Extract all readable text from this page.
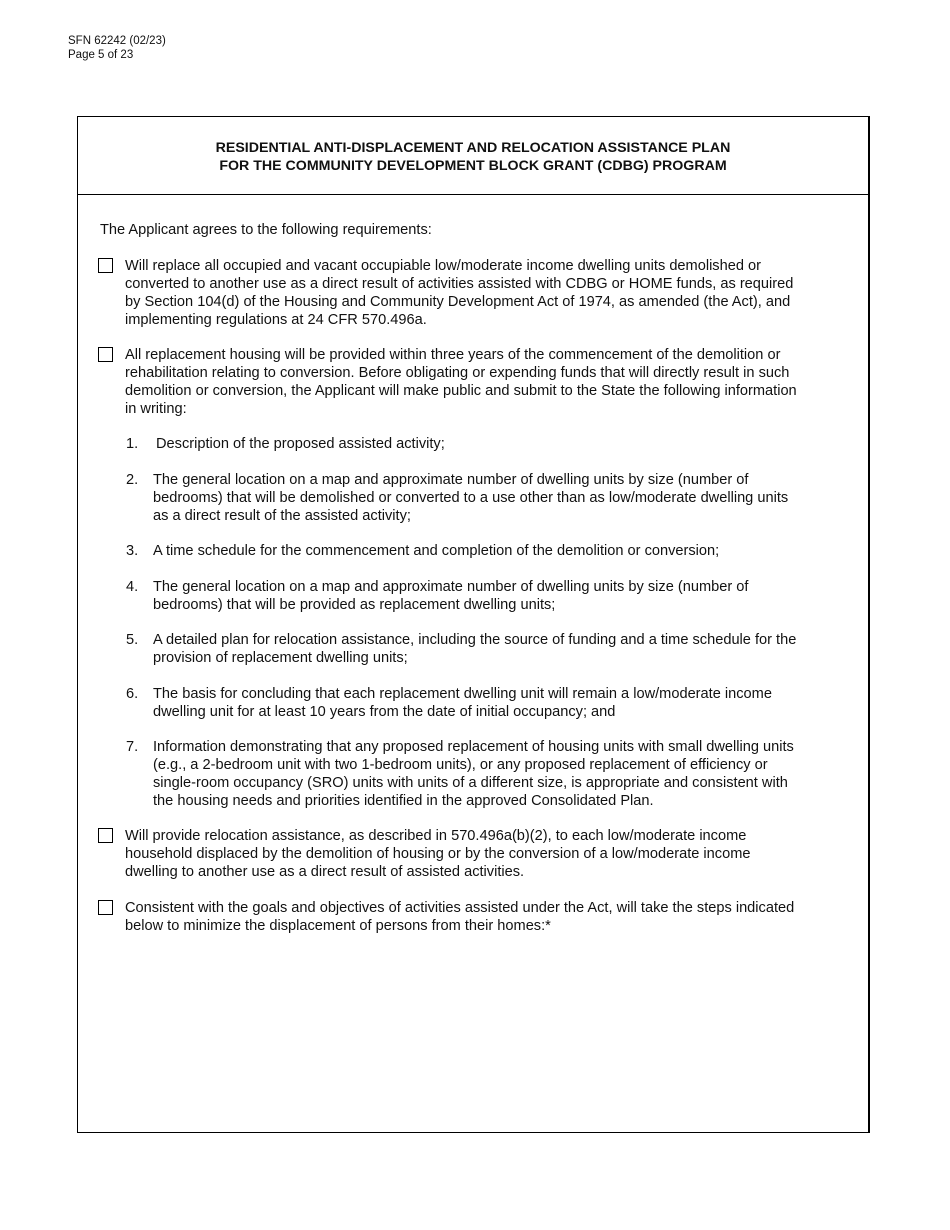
SFN 62242 (02/23)
Page 5 of 23
RESIDENTIAL ANTI-DISPLACEMENT AND RELOCATION ASSISTANCE PLAN
FOR THE COMMUNITY DEVELOPMENT BLOCK GRANT (CDBG) PROGRAM
The Applicant agrees to the following requirements:
Will replace all occupied and vacant occupiable low/moderate income dwelling units demolished or
converted to another use as a direct result of activities assisted with CDBG or HOME funds, as required
by Section 104(d) of the Housing and Community Development Act of 1974, as amended (the Act), and
implementing regulations at 24 CFR 570.496a.
All replacement housing will be provided within three years of the commencement of the demolition or
rehabilitation relating to conversion. Before obligating or expending funds that will directly result in such
demolition or conversion, the Applicant will make public and submit to the State the following information
in writing:
1. Description of the proposed assisted activity;
2. The general location on a map and approximate number of dwelling units by size (number of
bedrooms) that will be demolished or converted to a use other than as low/moderate dwelling units
as a direct result of the assisted activity;
3. A time schedule for the commencement and completion of the demolition or conversion;
4. The general location on a map and approximate number of dwelling units by size (number of
bedrooms) that will be provided as replacement dwelling units;
5. A detailed plan for relocation assistance, including the source of funding and a time schedule for the
provision of replacement dwelling units;
6. The basis for concluding that each replacement dwelling unit will remain a low/moderate income
dwelling unit for at least 10 years from the date of initial occupancy; and
7. Information demonstrating that any proposed replacement of housing units with small dwelling units
(e.g., a 2-bedroom unit with two 1-bedroom units), or any proposed replacement of efficiency or
single-room occupancy (SRO) units with units of a different size, is appropriate and consistent with
the housing needs and priorities identified in the approved Consolidated Plan.
Will provide relocation assistance, as described in 570.496a(b)(2), to each low/moderate income
household displaced by the demolition of housing or by the conversion of a low/moderate income
dwelling to another use as a direct result of assisted activities.
Consistent with the goals and objectives of activities assisted under the Act, will take the steps indicated
below to minimize the displacement of persons from their homes:*
